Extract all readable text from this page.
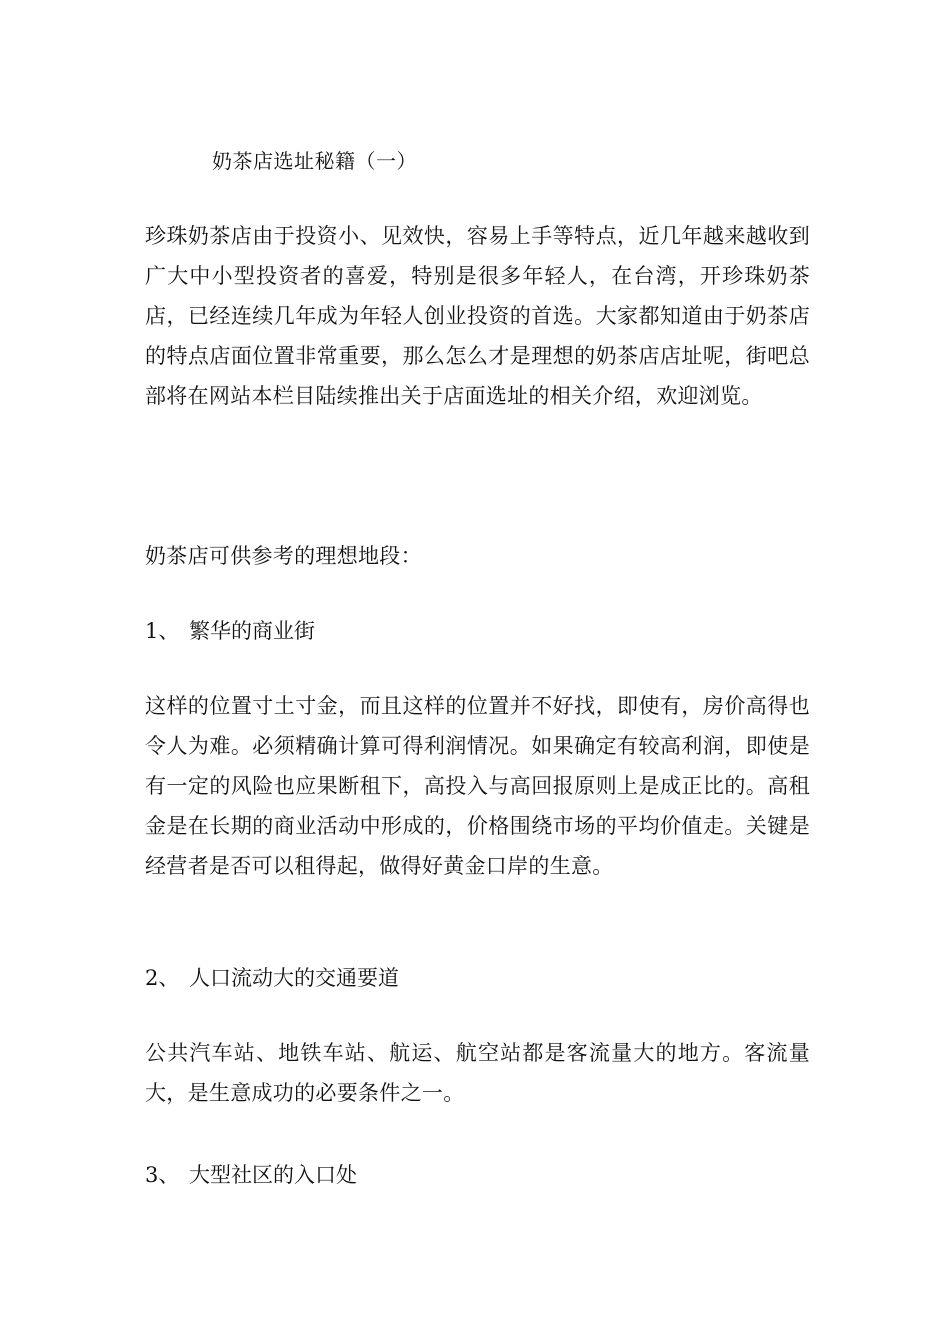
奶茶店选址秘籍（一）

珍珠奶茶店由于投资小、见效快，容易上手等特点，近几年越来越收到广大中小型投资者的喜爱，特别是很多年轻人，在台湾，开珍珠奶茶店，已经连续几年成为年轻人创业投资的首选。大家都知道由于奶茶店的特点店面位置非常重要，那么怎么才是理想的奶茶店店址呢，街吧总部将在网站本栏目陆续推出关于店面选址的相关介绍，欢迎浏览。

奶茶店可供参考的理想地段：

1、 繁华的商业街

这样的位置寸土寸金，而且这样的位置并不好找，即使有，房价高得也令人为难。必须精确计算可得利润情况。如果确定有较高利润，即使是有一定的风险也应果断租下，高投入与高回报原则上是成正比的。高租金是在长期的商业活动中形成的，价格围绕市场的平均价值走。关键是经营者是否可以租得起，做得好黄金口岸的生意。

2、 人口流动大的交通要道

公共汽车站、地铁车站、航运、航空站都是客流量大的地方。客流量大，是生意成功的必要条件之一。

3、 大型社区的入口处
